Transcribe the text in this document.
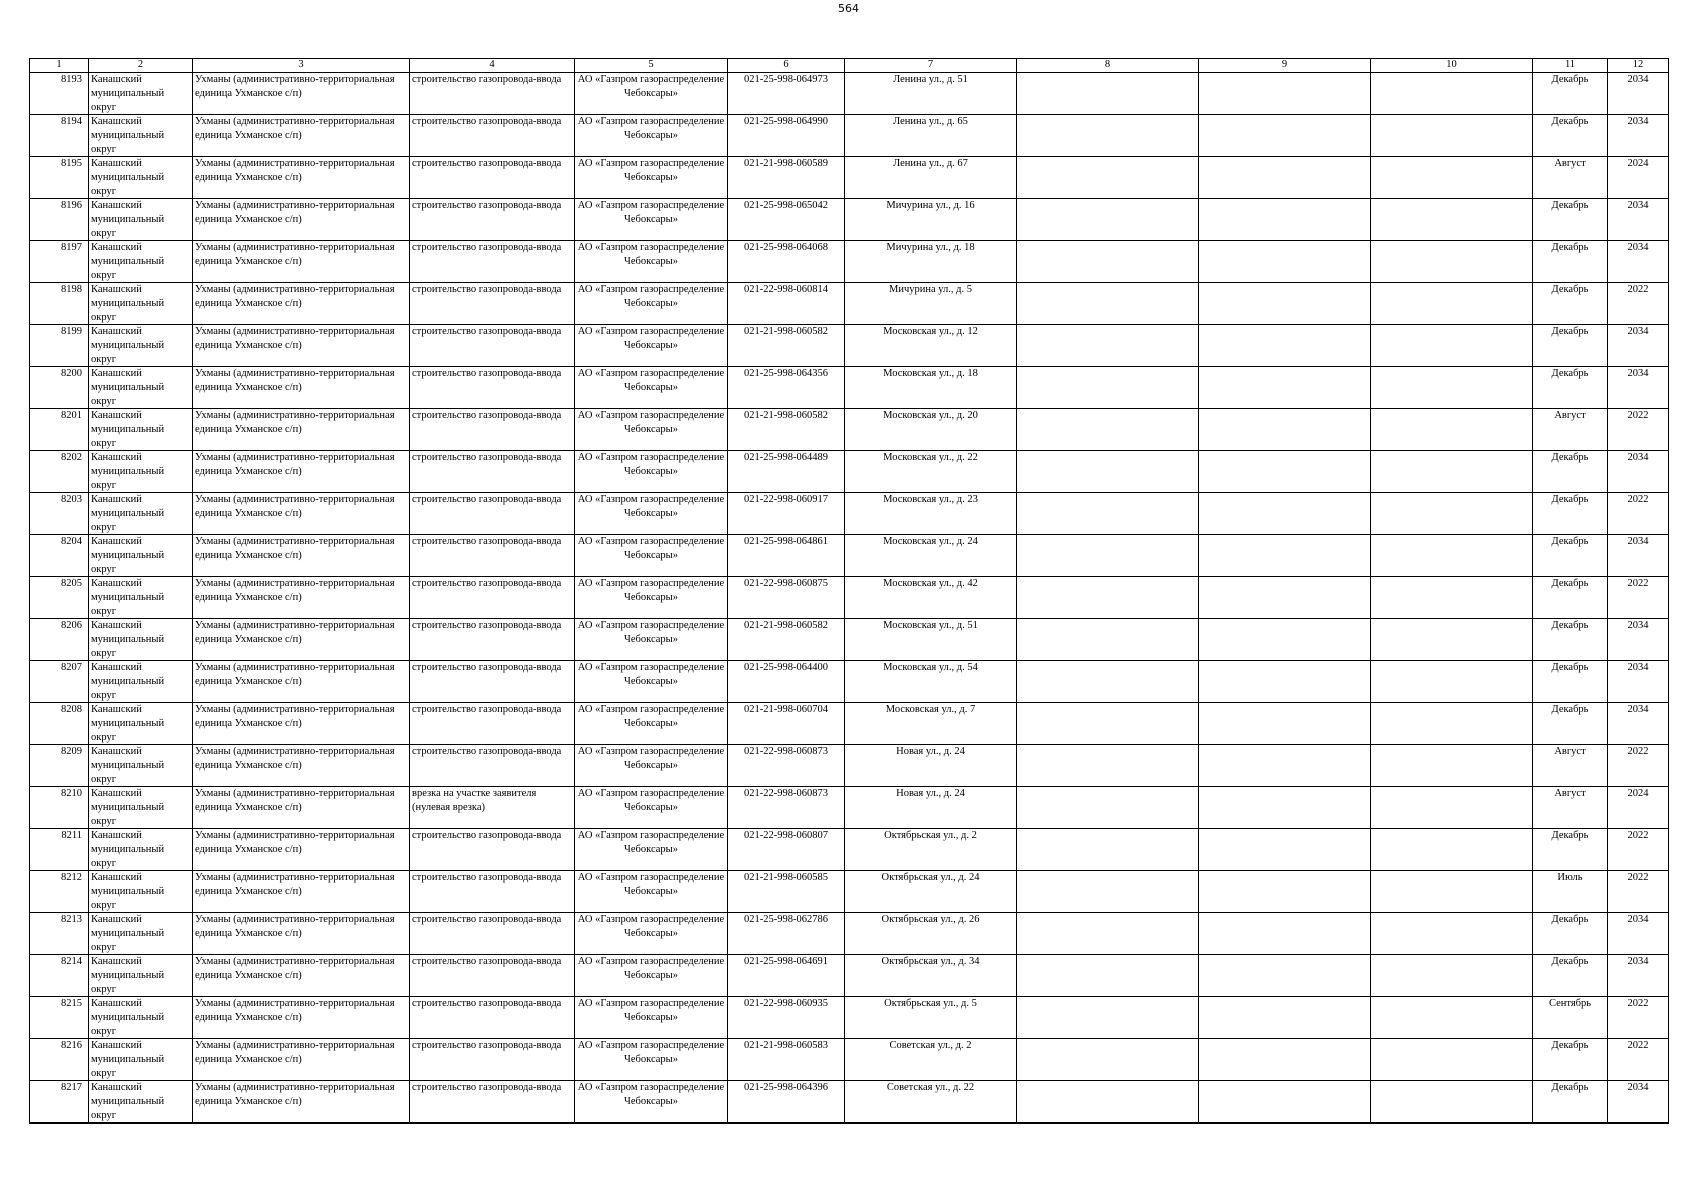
564
1	2	3	4	5	6	7	8	9	10	11	12

8193	Канашский муниципальный округ	Ухманы (административно-территориальная единица Ухманское с/п)	строительство газопровода-ввода	АО «Газпром газораспределение Чебоксары»	021-25-998-064973	Ленина ул., д. 51				Декабрь	2034

8194	Канашский муниципальный округ	Ухманы (административно-территориальная единица Ухманское с/п)	строительство газопровода-ввода	АО «Газпром газораспределение Чебоксары»	021-25-998-064990	Ленина ул., д. 65				Декабрь	2034

8195	Канашский муниципальный округ	Ухманы (административно-территориальная единица Ухманское с/п)	строительство газопровода-ввода	АО «Газпром газораспределение Чебоксары»	021-21-998-060589	Ленина ул., д. 67				Август	2024

8196	Канашский муниципальный округ	Ухманы (административно-территориальная единица Ухманское с/п)	строительство газопровода-ввода	АО «Газпром газораспределение Чебоксары»	021-25-998-065042	Мичурина ул., д. 16				Декабрь	2034

8197	Канашский муниципальный округ	Ухманы (административно-территориальная единица Ухманское с/п)	строительство газопровода-ввода	АО «Газпром газораспределение Чебоксары»	021-25-998-064068	Мичурина ул., д. 18				Декабрь	2034

8198	Канашский муниципальный округ	Ухманы (административно-территориальная единица Ухманское с/п)	строительство газопровода-ввода	АО «Газпром газораспределение Чебоксары»	021-22-998-060814	Мичурина ул., д. 5				Декабрь	2022

8199	Канашский муниципальный округ	Ухманы (административно-территориальная единица Ухманское с/п)	строительство газопровода-ввода	АО «Газпром газораспределение Чебоксары»	021-21-998-060582	Московская ул., д. 12				Декабрь	2034

8200	Канашский муниципальный округ	Ухманы (административно-территориальная единица Ухманское с/п)	строительство газопровода-ввода	АО «Газпром газораспределение Чебоксары»	021-25-998-064356	Московская ул., д. 18				Декабрь	2034

8201	Канашский муниципальный округ	Ухманы (административно-территориальная единица Ухманское с/п)	строительство газопровода-ввода	АО «Газпром газораспределение Чебоксары»	021-21-998-060582	Московская ул., д. 20				Август	2022

8202	Канашский муниципальный округ	Ухманы (административно-территориальная единица Ухманское с/п)	строительство газопровода-ввода	АО «Газпром газораспределение Чебоксары»	021-25-998-064489	Московская ул., д. 22				Декабрь	2034

8203	Канашский муниципальный округ	Ухманы (административно-территориальная единица Ухманское с/п)	строительство газопровода-ввода	АО «Газпром газораспределение Чебоксары»	021-22-998-060917	Московская ул., д. 23				Декабрь	2022

8204	Канашский муниципальный округ	Ухманы (административно-территориальная единица Ухманское с/п)	строительство газопровода-ввода	АО «Газпром газораспределение Чебоксары»	021-25-998-064861	Московская ул., д. 24				Декабрь	2034

8205	Канашский муниципальный округ	Ухманы (административно-территориальная единица Ухманское с/п)	строительство газопровода-ввода	АО «Газпром газораспределение Чебоксары»	021-22-998-060875	Московская ул., д. 42				Декабрь	2022

8206	Канашский муниципальный округ	Ухманы (административно-территориальная единица Ухманское с/п)	строительство газопровода-ввода	АО «Газпром газораспределение Чебоксары»	021-21-998-060582	Московская ул., д. 51				Декабрь	2034

8207	Канашский муниципальный округ	Ухманы (административно-территориальная единица Ухманское с/п)	строительство газопровода-ввода	АО «Газпром газораспределение Чебоксары»	021-25-998-064400	Московская ул., д. 54				Декабрь	2034

8208	Канашский муниципальный округ	Ухманы (административно-территориальная единица Ухманское с/п)	строительство газопровода-ввода	АО «Газпром газораспределение Чебоксары»	021-21-998-060704	Московская ул., д. 7				Декабрь	2034

8209	Канашский муниципальный округ	Ухманы (административно-территориальная единица Ухманское с/п)	строительство газопровода-ввода	АО «Газпром газораспределение Чебоксары»	021-22-998-060873	Новая ул., д. 24				Август	2022

8210	Канашский муниципальный округ	Ухманы (административно-территориальная единица Ухманское с/п)	врезка на участке заявителя (нулевая врезка)	АО «Газпром газораспределение Чебоксары»	021-22-998-060873	Новая ул., д. 24				Август	2024

8211	Канашский муниципальный округ	Ухманы (административно-территориальная единица Ухманское с/п)	строительство газопровода-ввода	АО «Газпром газораспределение Чебоксары»	021-22-998-060807	Октябрьская ул., д. 2				Декабрь	2022

8212	Канашский муниципальный округ	Ухманы (административно-территориальная единица Ухманское с/п)	строительство газопровода-ввода	АО «Газпром газораспределение Чебоксары»	021-21-998-060585	Октябрьская ул., д. 24				Июль	2022

8213	Канашский муниципальный округ	Ухманы (административно-территориальная единица Ухманское с/п)	строительство газопровода-ввода	АО «Газпром газораспределение Чебоксары»	021-25-998-062786	Октябрьская ул., д. 26				Декабрь	2034

8214	Канашский муниципальный округ	Ухманы (административно-территориальная единица Ухманское с/п)	строительство газопровода-ввода	АО «Газпром газораспределение Чебоксары»	021-25-998-064691	Октябрьская ул., д. 34				Декабрь	2034

8215	Канашский муниципальный округ	Ухманы (административно-территориальная единица Ухманское с/п)	строительство газопровода-ввода	АО «Газпром газораспределение Чебоксары»	021-22-998-060935	Октябрьская ул., д. 5				Сентябрь	2022

8216	Канашский муниципальный округ	Ухманы (административно-территориальная единица Ухманское с/п)	строительство газопровода-ввода	АО «Газпром газораспределение Чебоксары»	021-21-998-060583	Советская ул., д. 2				Декабрь	2022

8217	Канашский муниципальный округ	Ухманы (административно-территориальная единица Ухманское с/п)	строительство газопровода-ввода	АО «Газпром газораспределение Чебоксары»	021-25-998-064396	Советская ул., д. 22				Декабрь	2034
